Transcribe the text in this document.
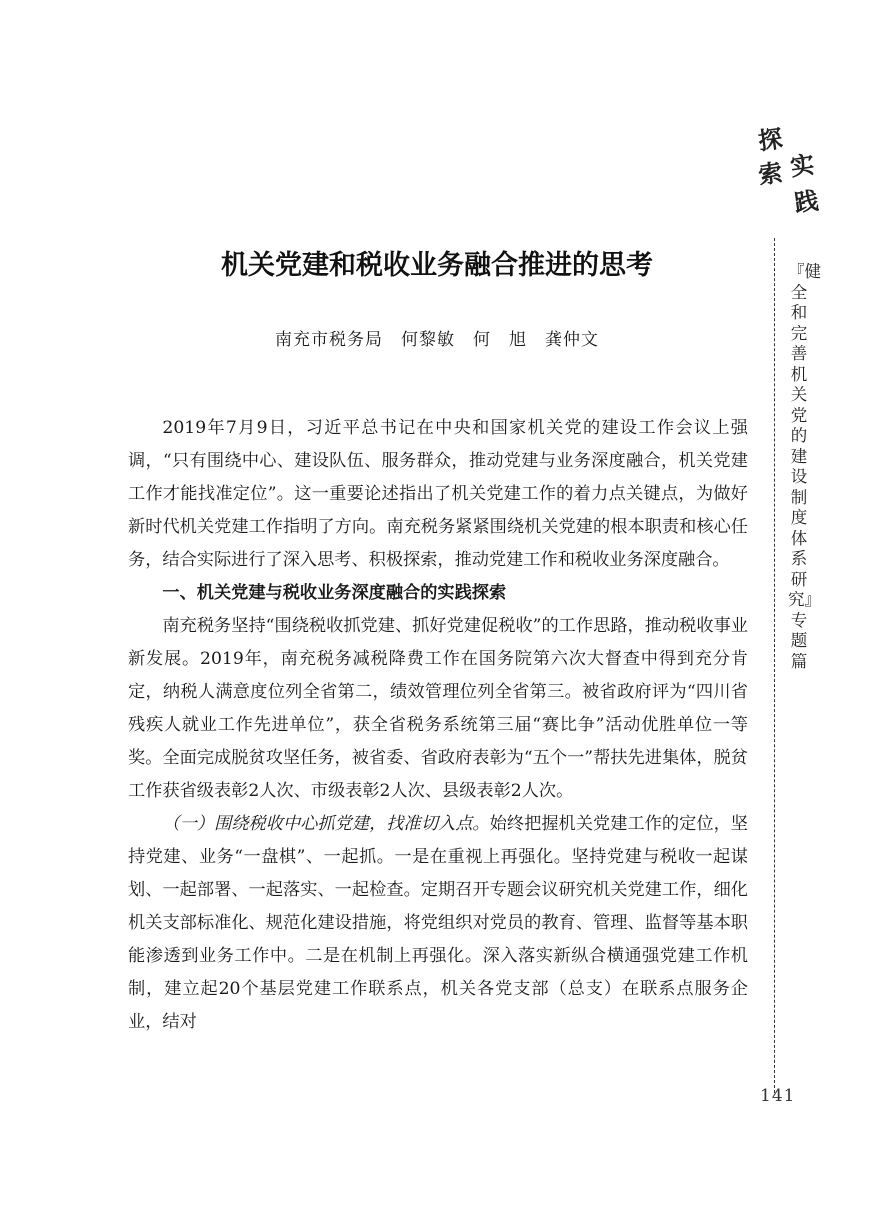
机关党建和税收业务融合推进的思考

南充市税务局　何黎敏　何　旭　龚仲文

2019年7月9日，习近平总书记在中央和国家机关党的建设工作会议上强调，“只有围绕中心、建设队伍、服务群众，推动党建与业务深度融合，机关党建工作才能找准定位”。这一重要论述指出了机关党建工作的着力点关键点，为做好新时代机关党建工作指明了方向。南充税务紧紧围绕机关党建的根本职责和核心任务，结合实际进行了深入思考、积极探索，推动党建工作和税收业务深度融合。

一、机关党建与税收业务深度融合的实践探索

南充税务坚持“围绕税收抓党建、抓好党建促税收”的工作思路，推动税收事业新发展。2019年，南充税务减税降费工作在国务院第六次大督查中得到充分肯定，纳税人满意度位列全省第二，绩效管理位列全省第三。被省政府评为“四川省残疾人就业工作先进单位”，获全省税务系统第三届“赛比争”活动优胜单位一等奖。全面完成脱贫攻坚任务，被省委、省政府表彰为“五个一”帮扶先进集体，脱贫工作获省级表彰2人次、市级表彰2人次、县级表彰2人次。

（一）围绕税收中心抓党建，找准切入点。始终把握机关党建工作的定位，坚持党建、业务“一盘棋”、一起抓。一是在重视上再强化。坚持党建与税收一起谋划、一起部署、一起落实、一起检查。定期召开专题会议研究机关党建工作，细化机关支部标准化、规范化建设措施，将党组织对党员的教育、管理、监督等基本职能渗透到业务工作中。二是在机制上再强化。深入落实新纵合横通强党建工作机制，建立起20个基层党建工作联系点，机关各党支部（总支）在联系点服务企业，结对

探
索 实
践
『健全和完善机关党的建设制度体系研究』专题篇
141
